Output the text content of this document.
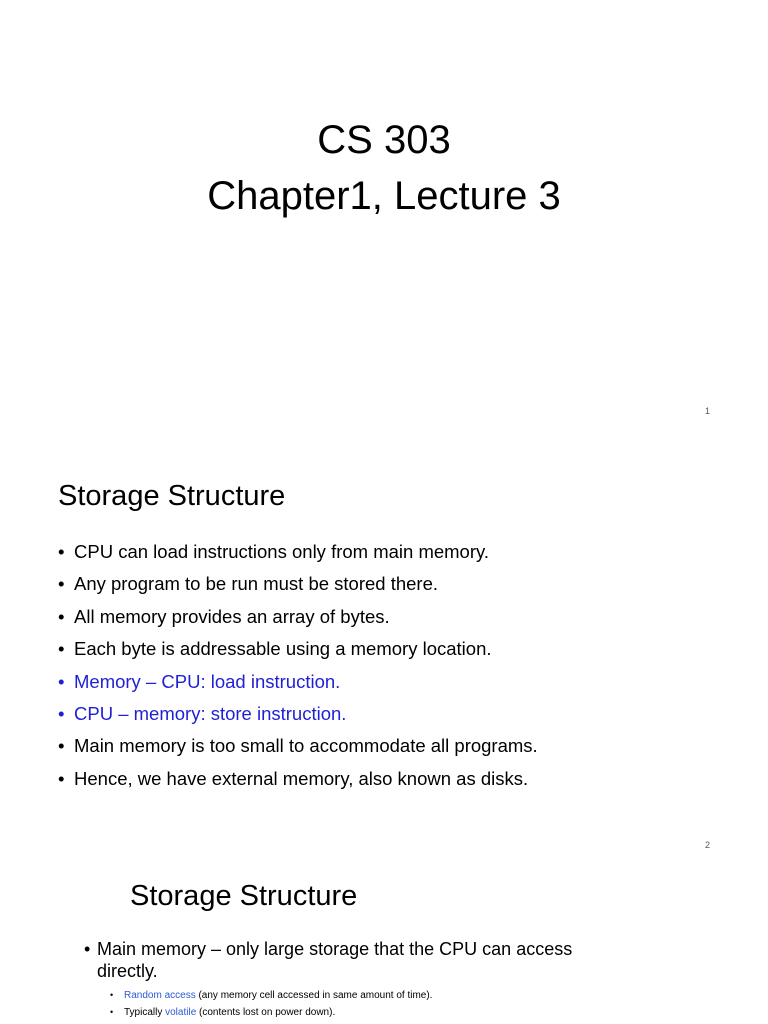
CS 303
Chapter1, Lecture 3
1
Storage Structure
• CPU can load instructions only from main memory.
• Any program to be run must be stored there.
• All memory provides an array of bytes.
• Each byte is addressable using a memory location.
• Memory – CPU: load instruction.
• CPU – memory: store instruction.
• Main memory is too small to accommodate all programs.
• Hence, we have external memory, also known as disks.
2
Storage Structure
• Main memory – only large storage that the CPU can access directly.
• Random access (any memory cell accessed in same amount of time).
• Typically volatile (contents lost on power down).
